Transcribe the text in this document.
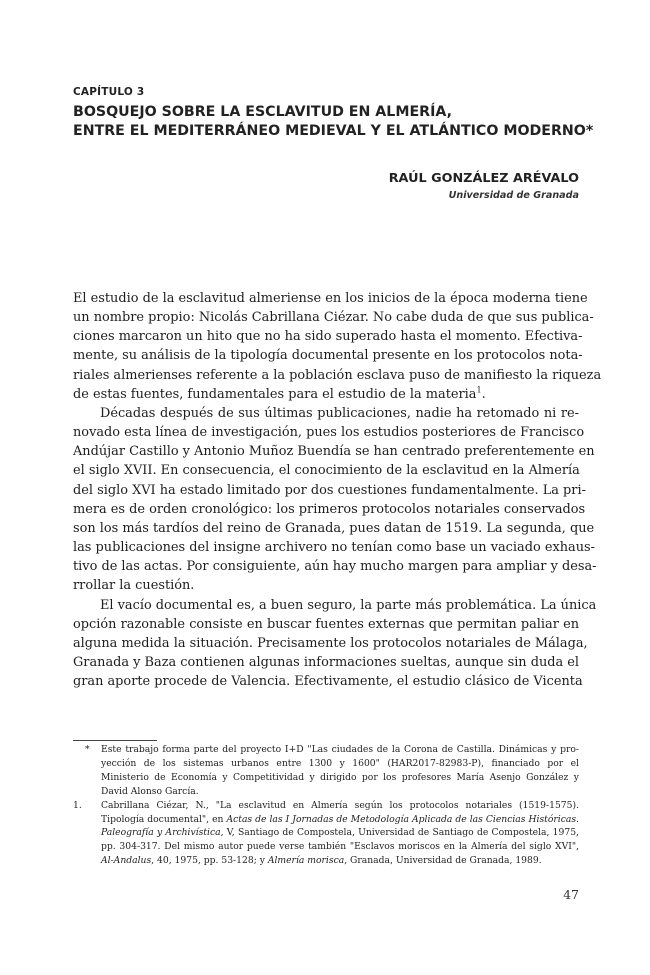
CAPÍTULO 3
BOSQUEJO SOBRE LA ESCLAVITUD EN ALMERÍA,
ENTRE EL MEDITERRÁNEO MEDIEVAL Y EL ATLÁNTICO MODERNO*
RAÚL GONZÁLEZ ARÉVALO
Universidad de Granada
El estudio de la esclavitud almeriense en los inicios de la época moderna tiene
un nombre propio: Nicolás Cabrillana Ciézar. No cabe duda de que sus publica-
ciones marcaron un hito que no ha sido superado hasta el momento. Efectiva-
mente, su análisis de la tipología documental presente en los protocolos nota-
riales almerienses referente a la población esclava puso de manifiesto la riqueza
de estas fuentes, fundamentales para el estudio de la materia$^1$.
Décadas después de sus últimas publicaciones, nadie ha retomado ni re-
novado esta línea de investigación, pues los estudios posteriores de Francisco
Andújar Castillo y Antonio Muñoz Buendía se han centrado preferentemente en
el siglo XVII. En consecuencia, el conocimiento de la esclavitud en la Almería
del siglo XVI ha estado limitado por dos cuestiones fundamentalmente. La pri-
mera es de orden cronológico: los primeros protocolos notariales conservados
son los más tardíos del reino de Granada, pues datan de 1519. La segunda, que
las publicaciones del insigne archivero no tenían como base un vaciado exhaus-
tivo de las actas. Por consiguiente, aún hay mucho margen para ampliar y desa-
rrollar la cuestión.
El vacío documental es, a buen seguro, la parte más problemática. La única
opción razonable consiste en buscar fuentes externas que permitan paliar en
alguna medida la situación. Precisamente los protocolos notariales de Málaga,
Granada y Baza contienen algunas informaciones sueltas, aunque sin duda el
gran aporte procede de Valencia. Efectivamente, el estudio clásico de Vicenta
* Este trabajo forma parte del proyecto I+D "Las ciudades de la Corona de Castilla. Dinámicas y pro-
yección de los sistemas urbanos entre 1300 y 1600" (HAR2017-82983-P), financiado por el
Ministerio de Economía y Competitividad y dirigido por los profesores María Asenjo González y
David Alonso García.
1. Cabrillana Ciézar, N., "La esclavitud en Almería según los protocolos notariales (1519-1575).
Tipología documental", en Actas de las I Jornadas de Metodología Aplicada de las Ciencias Históricas.
Paleografía y Archivística, V, Santiago de Compostela, Universidad de Santiago de Compostela, 1975,
pp. 304-317. Del mismo autor puede verse también "Esclavos moriscos en la Almería del siglo XVI",
Al-Andalus, 40, 1975, pp. 53-128; y Almería morisca, Granada, Universidad de Granada, 1989.
47
